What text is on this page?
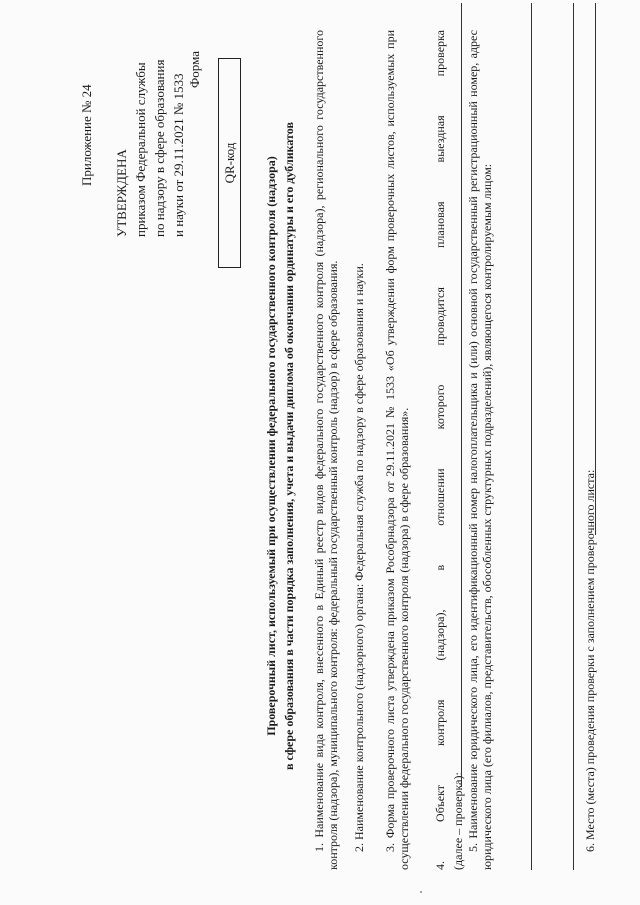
Приложение № 24
УТВЕРЖДЕНА приказом Федеральной службы по надзору в сфере образования и науки от 29.11.2021 № 1533
Форма
QR-код	Проверочный лист, используемый при осуществлении федерального государственного контроля (надзора) в сфере образования в части порядка заполнения, учета и выдачи диплома об окончании ординатуры и его дубликатов 1. Наименование вида контроля, внесенного в Единый реестр видов федерального государственного контроля (надзора), регионального государственного контроля (надзора), муниципального контроля: федеральный государственный контроль (надзор) в сфере образования. 2. Наименование контрольного (надзорного) органа: Федеральная служба по надзору в сфере образования и науки. 3. Форма проверочного листа утверждена приказом Рособрнадзора от 29.11.2021 № 1533 «Об утверждении форм проверочных листов, используемых при осуществлении федерального государственного контроля (надзора) в сфере образования». 4. Объект контроля (надзора), в отношении которого проводится плановая выездная проверка (далее – проверка): 5. Наименование юридического лица, его идентификационный номер налогоплательщика и (или) основной государственный регистрационный номер, адрес юридического лица (его филиалов, представительств, обособленных структурных подразделений), являющегося контролируемым лицом:	6. Место (места) проведения проверки с заполнением проверочного листа:
